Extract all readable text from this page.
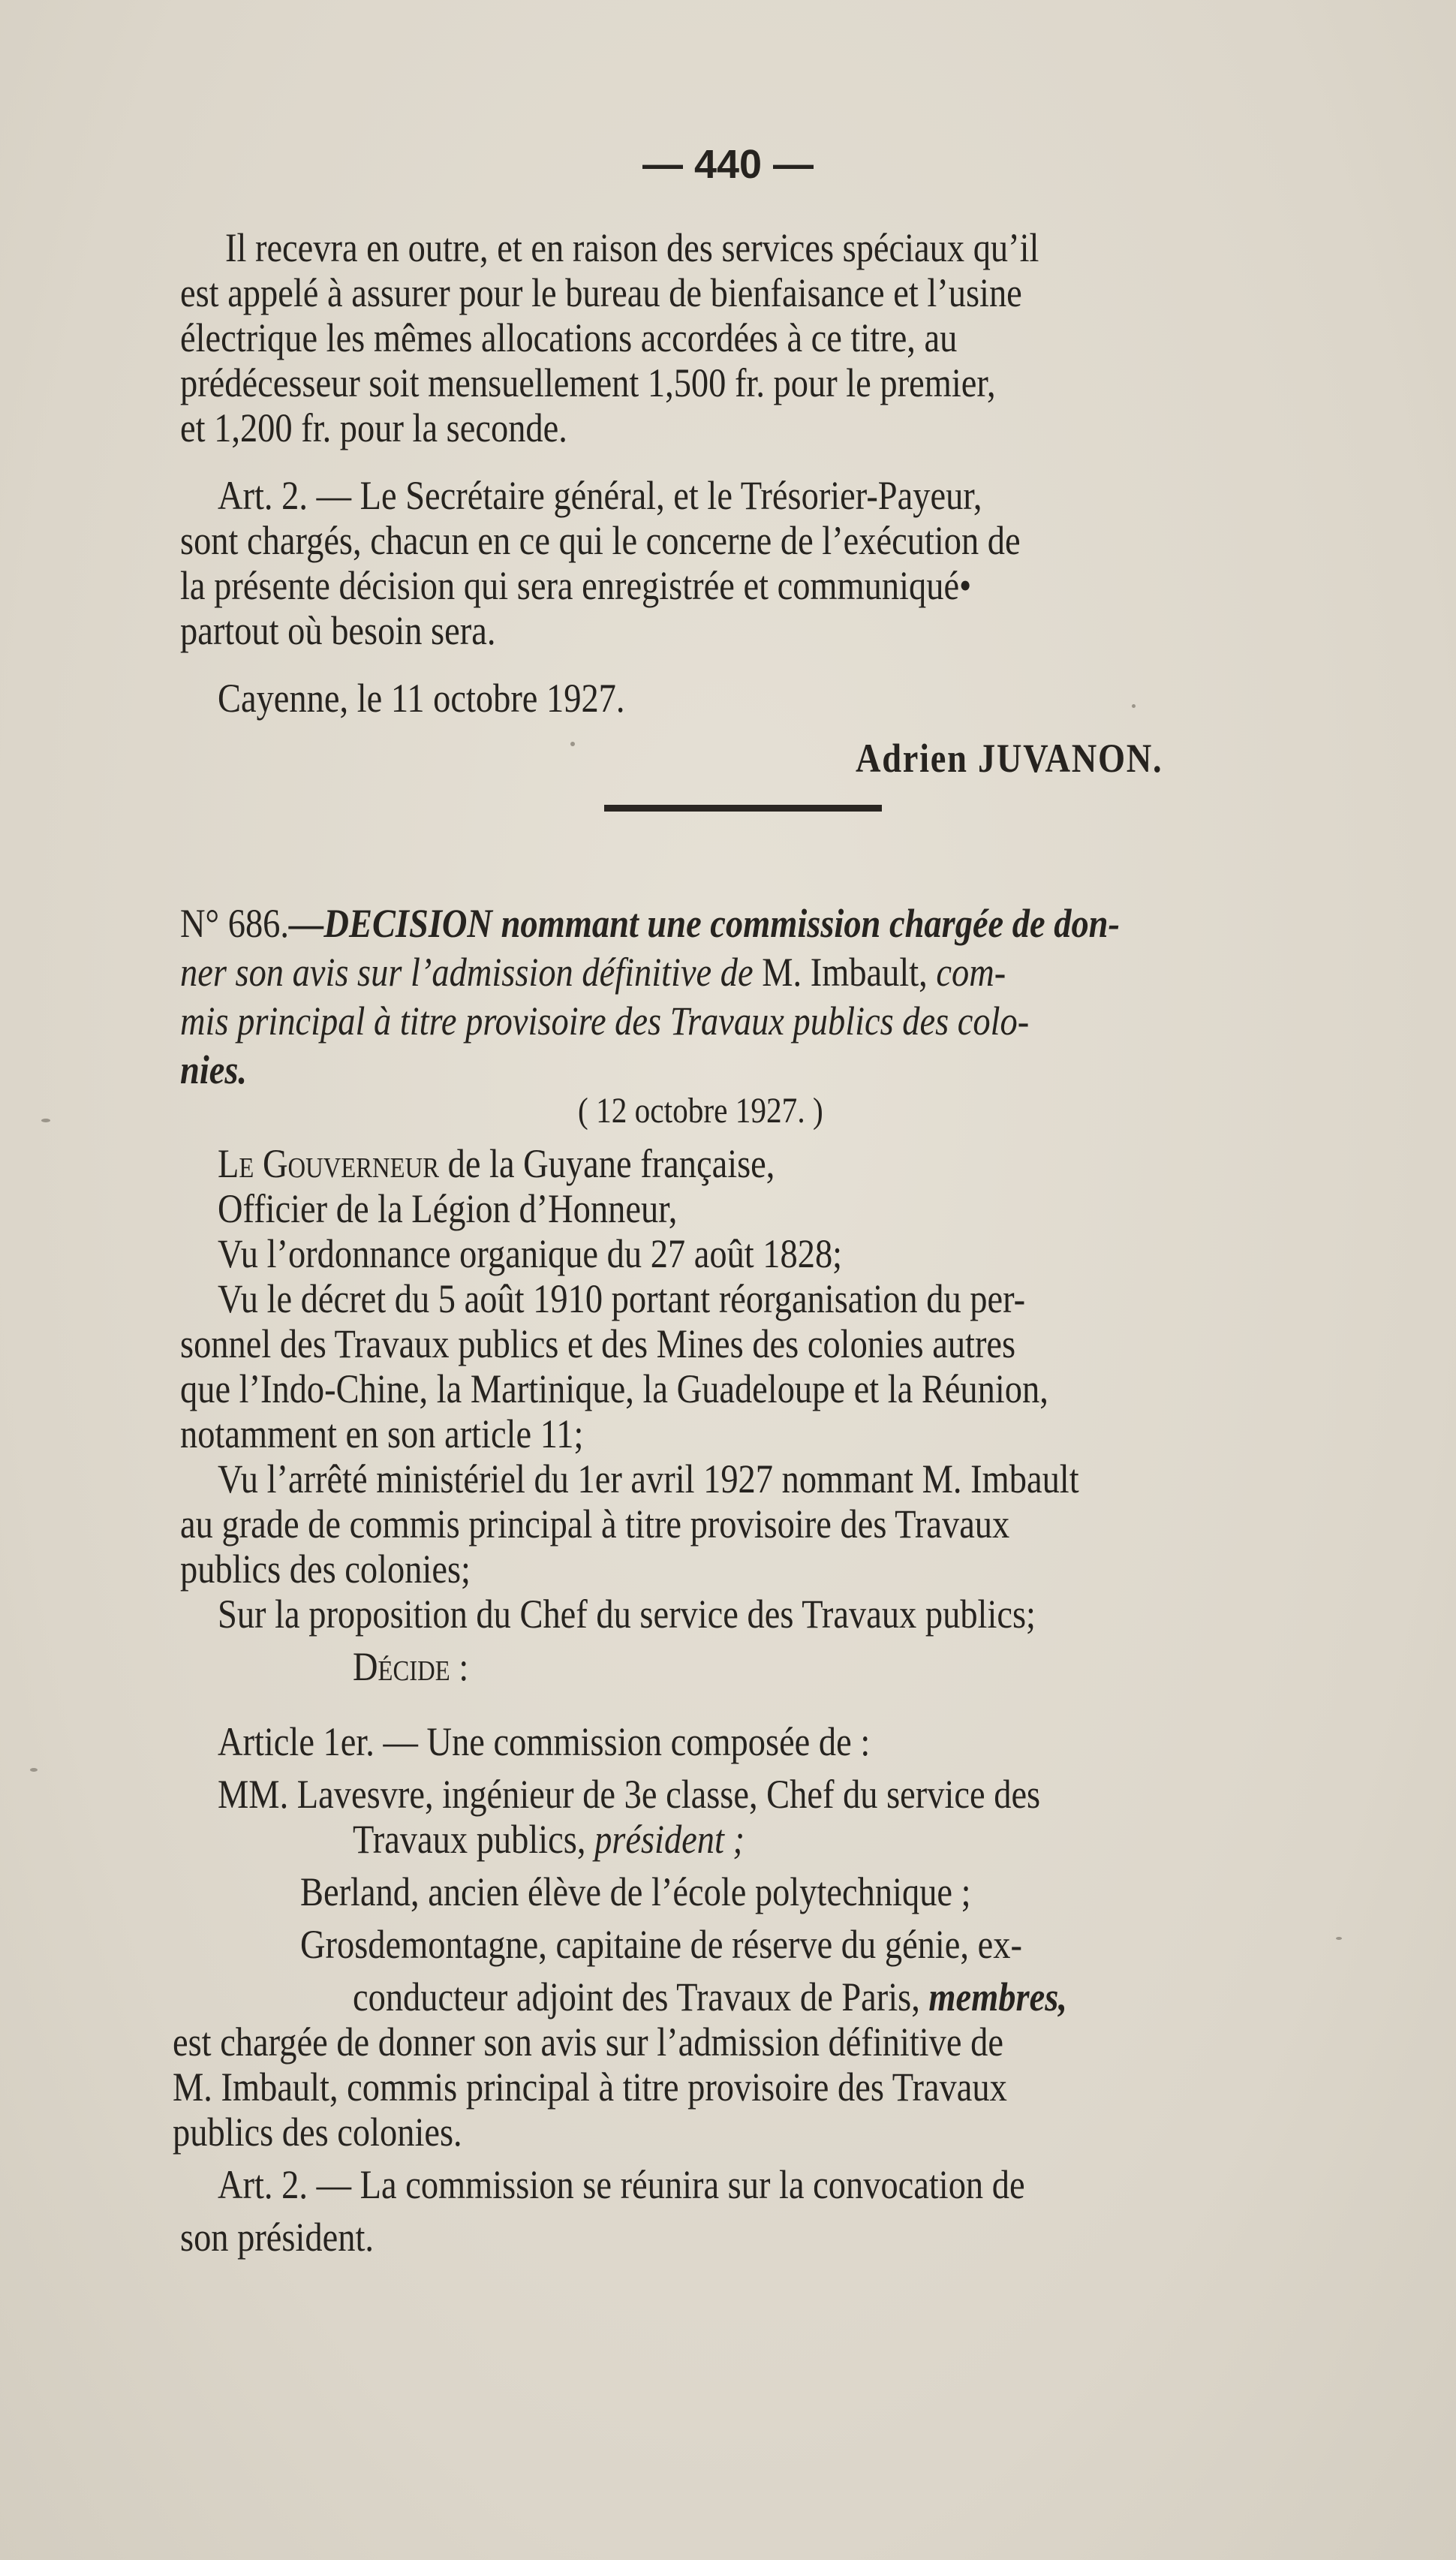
— 440 —
Il recevra en outre, et en raison des services spéciaux qu’il
est appelé à assurer pour le bureau de bienfaisance et l’usine
électrique les mêmes allocations accordées à ce titre, au
prédécesseur soit mensuellement 1,500 fr. pour le premier,
et 1,200 fr. pour la seconde.
Art. 2. — Le Secrétaire général, et le Trésorier-Payeur,
sont chargés, chacun en ce qui le concerne de l’exécution de
la présente décision qui sera enregistrée et communiqué•
partout où besoin sera.
Cayenne, le 11 octobre 1927.
Adrien JUVANON.
N° 686.—DECISION nommant une commission chargée de don-
ner son avis sur l’admission définitive de M. Imbault, com-
mis principal à titre provisoire des Travaux publics des colo-
nies.
( 12 octobre 1927. )
Le Gouverneur de la Guyane française,
Officier de la Légion d’Honneur,
Vu l’ordonnance organique du 27 août 1828;
Vu le décret du 5 août 1910 portant réorganisation du per-
sonnel des Travaux publics et des Mines des colonies autres
que l’Indo-Chine, la Martinique, la Guadeloupe et la Réunion,
notamment en son article 11;
Vu l’arrêté ministériel du 1er avril 1927 nommant M. Imbault
au grade de commis principal à titre provisoire des Travaux
publics des colonies;
Sur la proposition du Chef du service des Travaux publics;
Décide :
Article 1er. — Une commission composée de :
MM. Lavesvre, ingénieur de 3e classe, Chef du service des
Travaux publics, président ;
Berland, ancien élève de l’école polytechnique ;
Grosdemontagne, capitaine de réserve du génie, ex-
conducteur adjoint des Travaux de Paris, membres,
est chargée de donner son avis sur l’admission définitive de
M. Imbault, commis principal à titre provisoire des Travaux
publics des colonies.
Art. 2. — La commission se réunira sur la convocation de
son président.
